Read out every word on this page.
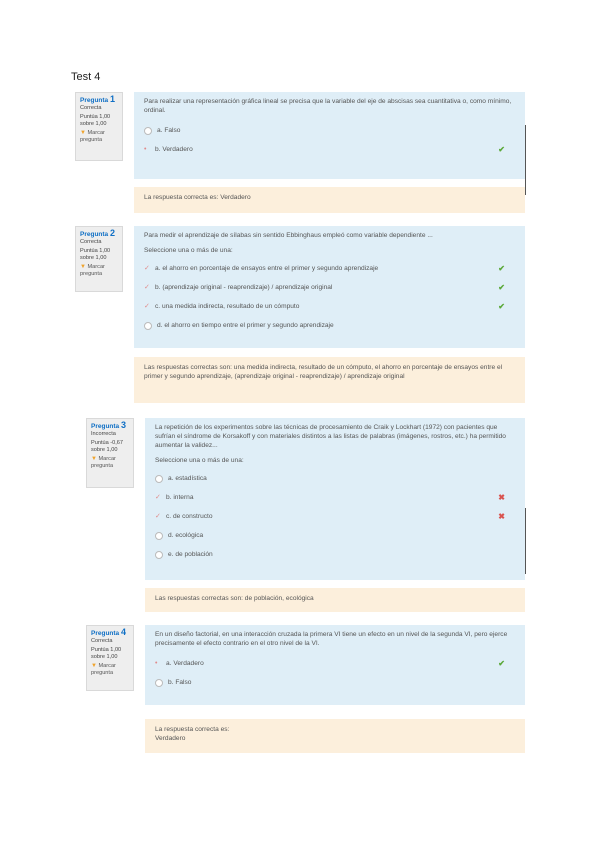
Test 4
Pregunta 1
Correcta
Puntúa 1,00 sobre 1,00
▼ Marcar pregunta
Para realizar una representación gráfica lineal se precisa que la variable del eje de abscisas sea cuantitativa o, como mínimo, ordinal.
a. Falso
•	b. Verdadero	✔
La respuesta correcta es: Verdadero
Pregunta 2
Correcta
Puntúa 1,00 sobre 1,00
▼ Marcar pregunta
Para medir el aprendizaje de sílabas sin sentido Ebbinghaus empleó como variable dependiente ...
Seleccione una o más de una:
✓ a. el ahorro en porcentaje de ensayos entre el primer y segundo aprendizaje	✔
✓ b. (aprendizaje original - reaprendizaje) / aprendizaje original	✔
✓ c. una medida indirecta, resultado de un cómputo	✔
d. el ahorro en tiempo entre el primer y segundo aprendizaje
Las respuestas correctas son: una medida indirecta, resultado de un cómputo, el ahorro en porcentaje de ensayos entre el primer y segundo aprendizaje, (aprendizaje original - reaprendizaje) / aprendizaje original
Pregunta 3
Incorrecta
Puntúa -0,67 sobre 1,00
▼ Marcar pregunta
La repetición de los experimentos sobre las técnicas de procesamiento de Craik y Lockhart (1972) con pacientes que sufrían el síndrome de Korsakoff y con materiales distintos a las listas de palabras (imágenes, rostros, etc.) ha permitido aumentar la validez...
Seleccione una o más de una:
a. estadística
✓ b. interna	✖
✓ c. de constructo	✖
d. ecológica
e. de población
Las respuestas correctas son: de población, ecológica
Pregunta 4
Correcta
Puntúa 1,00 sobre 1,00
▼ Marcar pregunta
En un diseño factorial, en una interacción cruzada la primera VI tiene un efecto en un nivel de la segunda VI, pero ejerce precisamente el efecto contrario en el otro nivel de la VI.
•	a. Verdadero	✔
b. Falso
La respuesta correcta es:
Verdadero
